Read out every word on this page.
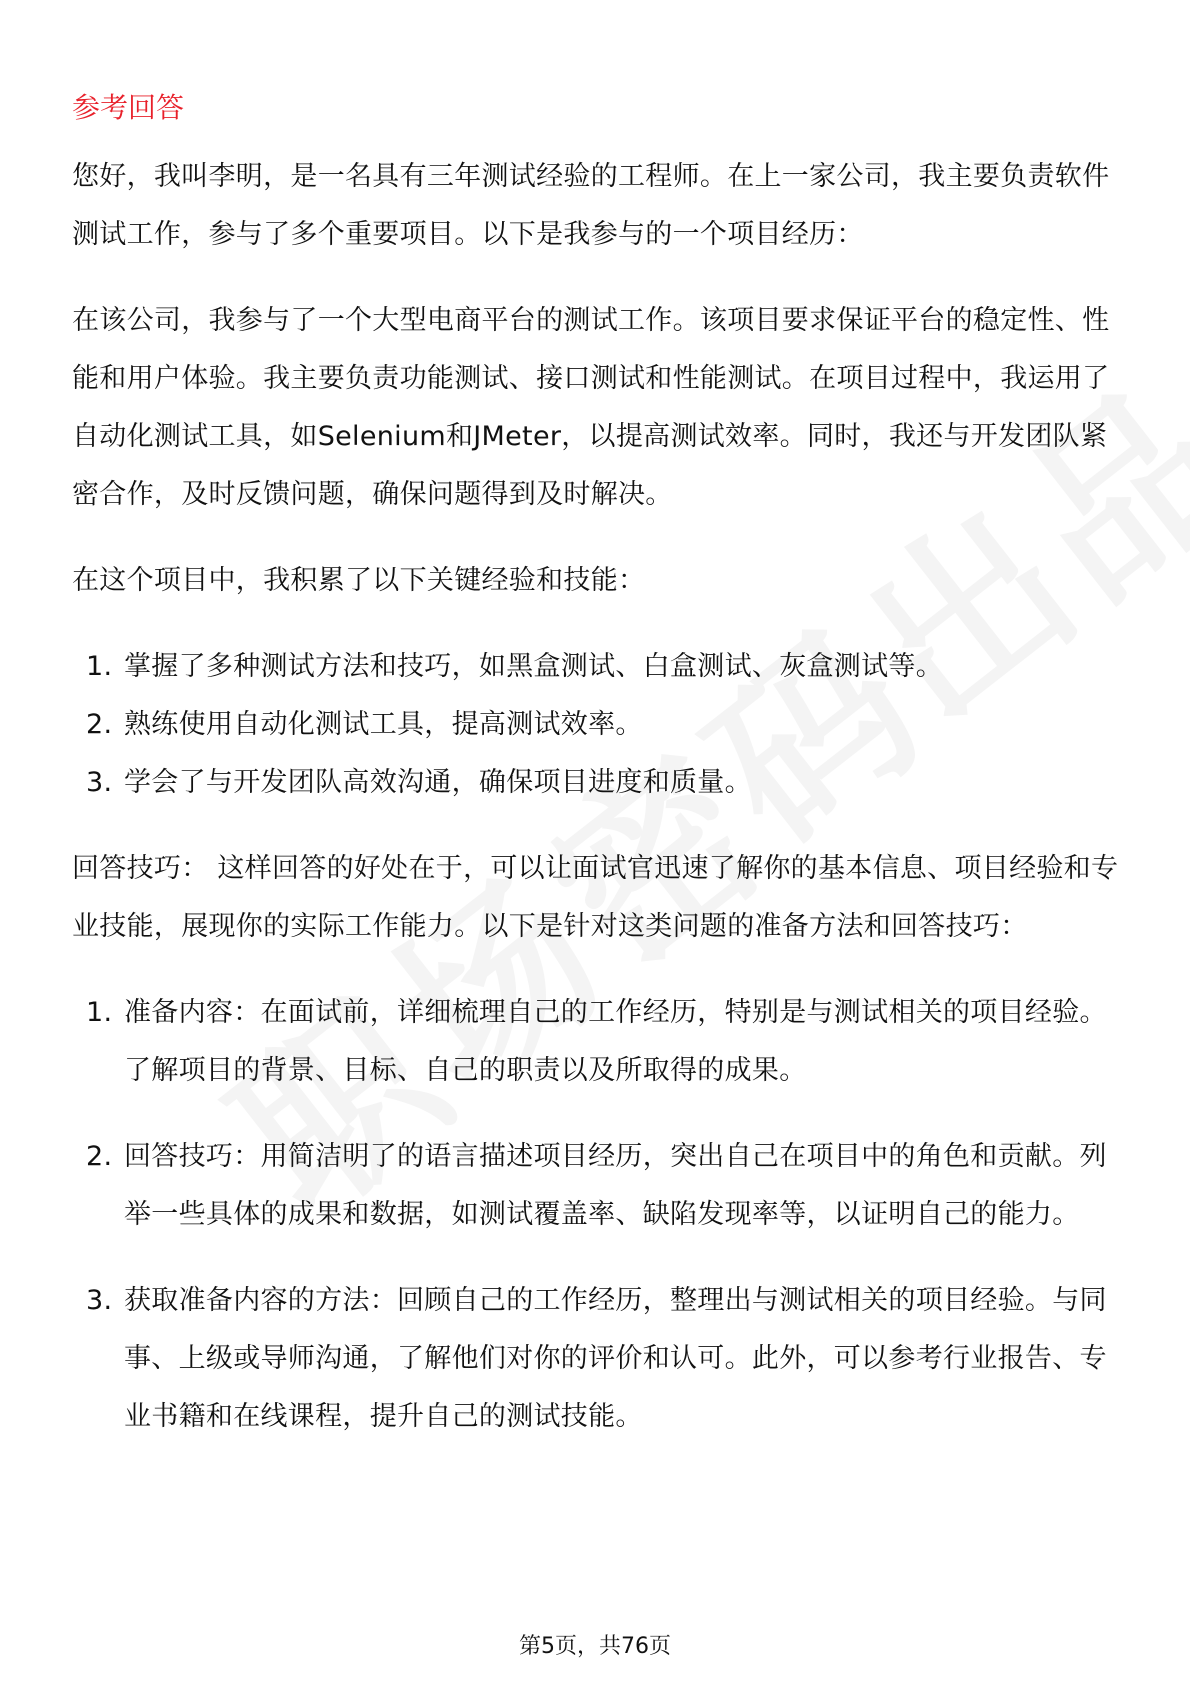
参考回答

您好，我叫李明，是一名具有三年测试经验的工程师。在上一家公司，我主要负责软件测试工作，参与了多个重要项目。以下是我参与的一个项目经历：

在该公司，我参与了一个大型电商平台的测试工作。该项目要求保证平台的稳定性、性能和用户体验。我主要负责功能测试、接口测试和性能测试。在项目过程中，我运用了自动化测试工具，如Selenium和JMeter，以提高测试效率。同时，我还与开发团队紧密合作，及时反馈问题，确保问题得到及时解决。

在这个项目中，我积累了以下关键经验和技能：

1. 掌握了多种测试方法和技巧，如黑盒测试、白盒测试、灰盒测试等。
2. 熟练使用自动化测试工具，提高测试效率。
3. 学会了与开发团队高效沟通，确保项目进度和质量。

回答技巧： 这样回答的好处在于，可以让面试官迅速了解你的基本信息、项目经验和专业技能，展现你的实际工作能力。以下是针对这类问题的准备方法和回答技巧：

1. 准备内容：在面试前，详细梳理自己的工作经历，特别是与测试相关的项目经验。了解项目的背景、目标、自己的职责以及所取得的成果。
2. 回答技巧：用简洁明了的语言描述项目经历，突出自己在项目中的角色和贡献。列举一些具体的成果和数据，如测试覆盖率、缺陷发现率等，以证明自己的能力。
3. 获取准备内容的方法：回顾自己的工作经历，整理出与测试相关的项目经验。与同事、上级或导师沟通，了解他们对你的评价和认可。此外，可以参考行业报告、专业书籍和在线课程，提升自己的测试技能。
第5页，共76页
